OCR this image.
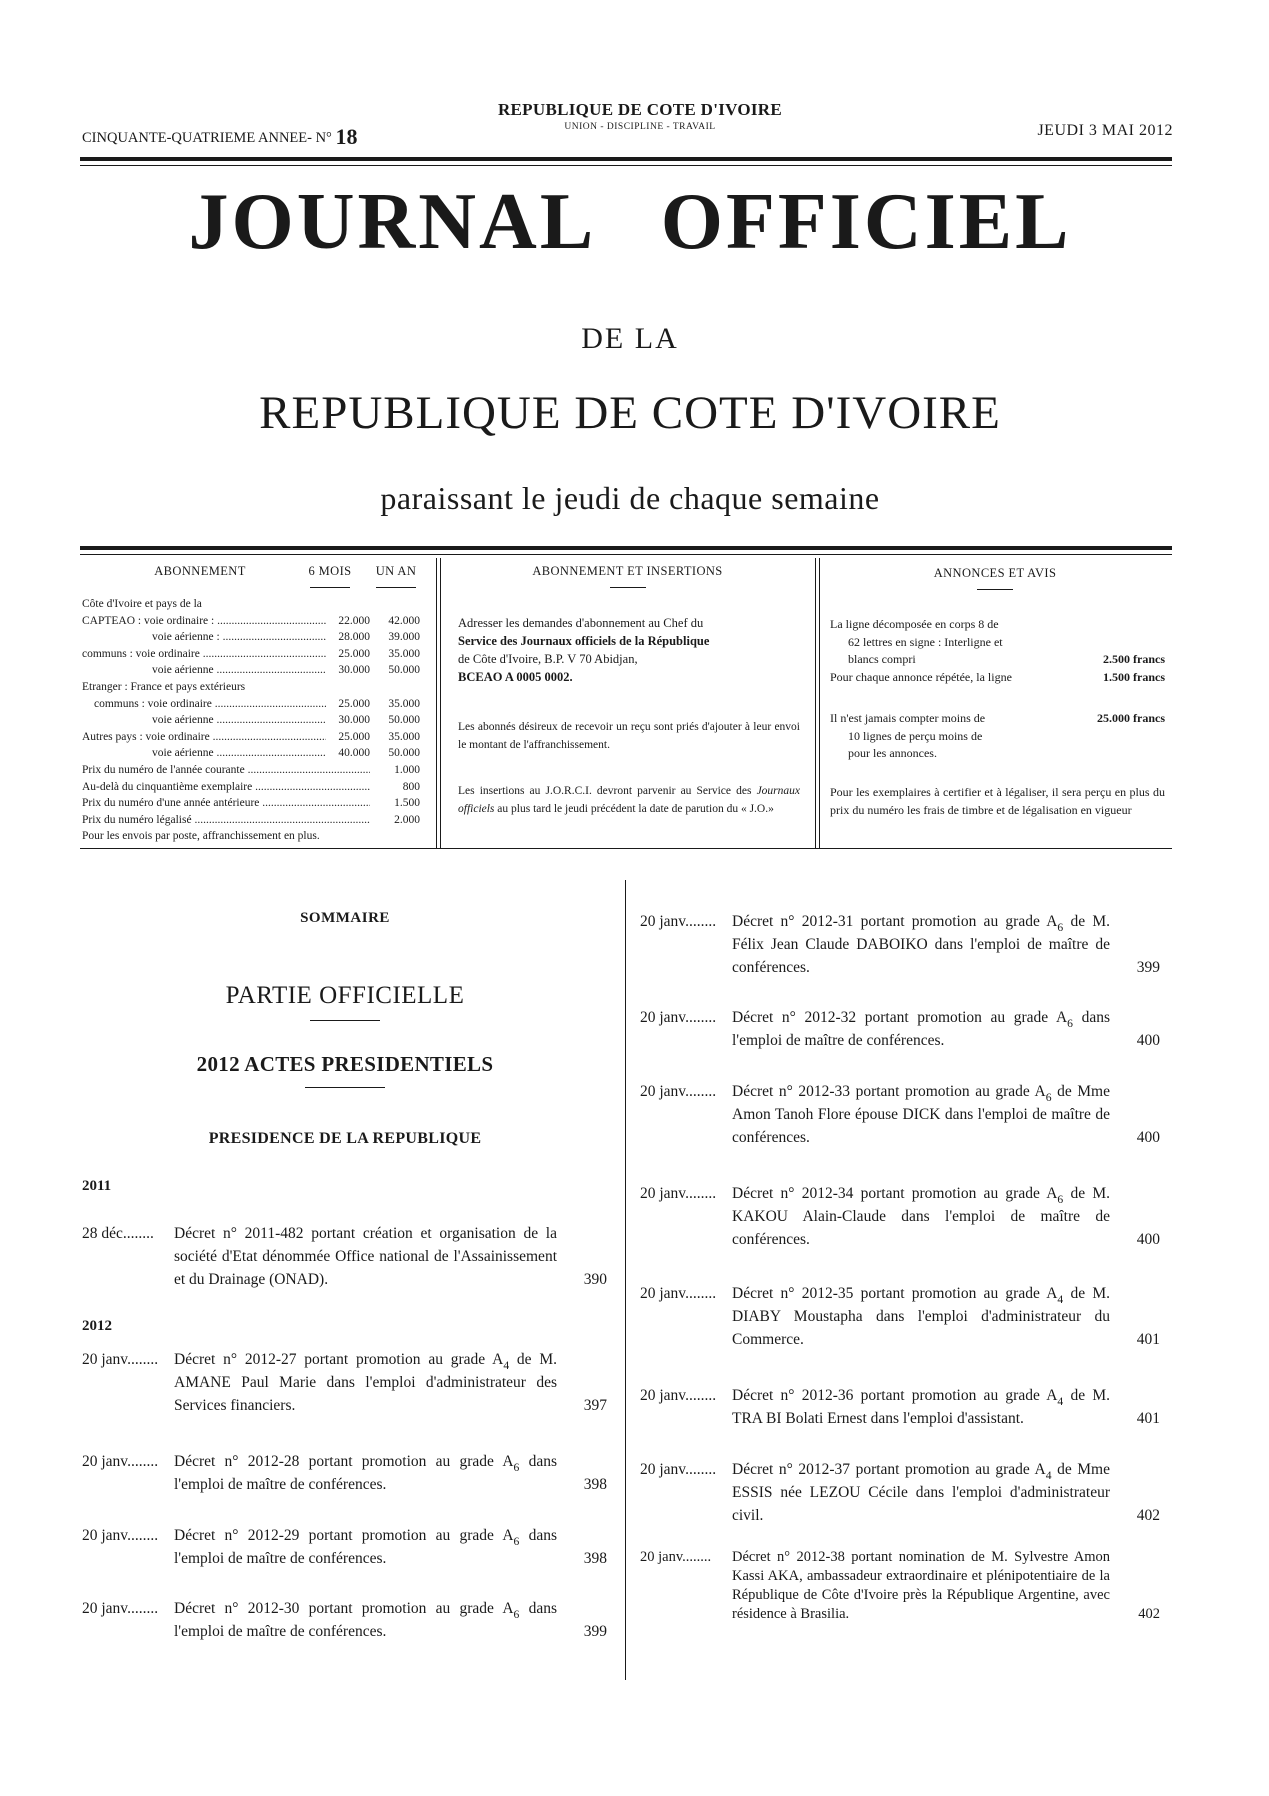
CINQUANTE-QUATRIEME ANNEE- N° 18
REPUBLIQUE DE COTE D'IVOIRE
UNION - DISCIPLINE - TRAVAIL	JEUDI 3 MAI 2012
JOURNAL OFFICIEL
DE LA
REPUBLIQUE DE COTE D'IVOIRE
paraissant le jeudi de chaque semaine
ABONNEMENT	6 MOIS	UN AN
Côte d'Ivoire et pays de la
CAPTEAO : voie ordinaire : .....	22.000	42.000
voie aérienne : .....	28.000	39.000
communs : voie ordinaire .....	25.000	35.000
voie aérienne .....	30.000	50.000
Etranger : France et pays extérieurs
communs : voie ordinaire .....	25.000	35.000
voie aérienne .....	30.000	50.000
Autres pays : voie ordinaire .....	25.000	35.000
voie aérienne .....	40.000	50.000
Prix du numéro de l'année courante .....	1.000
Au-delà du cinquantième exemplaire .....	800
Prix du numéro d'une année antérieure .....	1.500
Prix du numéro légalisé .....	2.000
Pour les envois par poste, affranchissement en plus.
ABONNEMENT ET INSERTIONS
Adresser les demandes d'abonnement au Chef du
Service des Journaux officiels de la République
de Côte d'Ivoire, B.P. V 70 Abidjan,
BCEAO A 0005 0002.
Les abonnés désireux de recevoir un reçu sont priés d'ajouter à leur envoi le montant de l'affranchissement.
Les insertions au J.O.R.C.I. devront parvenir au Service des Journaux officiels au plus tard le jeudi précédent la date de parution du « J.O.»
ANNONCES ET AVIS
La ligne décomposée en corps 8 de
62 lettres en signe : Interligne et
blancs compri	2.500 francs
Pour chaque annonce répétée, la ligne	1.500 francs
Il n'est jamais compter moins de	25.000 francs
10 lignes de perçu moins de
pour les annonces.
Pour les exemplaires à certifier et à légaliser, il sera perçu en plus du prix du numéro les frais de timbre et de légalisation en vigueur
SOMMAIRE
PARTIE OFFICIELLE
2012 ACTES PRESIDENTIELS
PRESIDENCE DE LA REPUBLIQUE
2011
28 déc ........	Décret n° 2011-482 portant création et organisation de la société d'Etat dénommée Office national de l'Assainissement et du Drainage (ONAD).	390
2012
20 janv ........	Décret n° 2012-27 portant promotion au grade $A_4$ de M. AMANE Paul Marie dans l'emploi d'administrateur des Services financiers.	397
20 janv ........	Décret n° 2012-28 portant promotion au grade $A_6$ dans l'emploi de maître de conférences.	398
20 janv ........	Décret n° 2012-29 portant promotion au grade $A_6$ dans l'emploi de maître de conférences.	398
20 janv ........	Décret n° 2012-30 portant promotion au grade $A_6$ dans l'emploi de maître de conférences.	399
20 janv ........	Décret n° 2012-31 portant promotion au grade $A_6$ de M. Félix Jean Claude DABOIKO dans l'emploi de maître de conférences.	399
20 janv ........	Décret n° 2012-32 portant promotion au grade $A_6$ dans l'emploi de maître de conférences.	400
20 janv ........	Décret n° 2012-33 portant promotion au grade $A_6$ de Mme Amon Tanoh Flore épouse DICK dans l'emploi de maître de conférences.	400
20 janv ........	Décret n° 2012-34 portant promotion au grade $A_6$ de M. KAKOU Alain-Claude dans l'emploi de maître de conférences.	400
20 janv ........	Décret n° 2012-35 portant promotion au grade $A_4$ de M. DIABY Moustapha dans l'emploi d'administrateur du Commerce.	401
20 janv ........	Décret n° 2012-36 portant promotion au grade $A_4$ de M. TRA BI Bolati Ernest dans l'emploi d'assistant.	401
20 janv ........	Décret n° 2012-37 portant promotion au grade $A_4$ de Mme ESSIS née LEZOU Cécile dans l'emploi d'administrateur civil.	402
20 janv ........	Décret n° 2012-38 portant nomination de M. Sylvestre Amon Kassi AKA, ambassadeur extraordinaire et plénipotentiaire de la République de Côte d'Ivoire près la République Argentine, avec résidence à Brasilia.	402
